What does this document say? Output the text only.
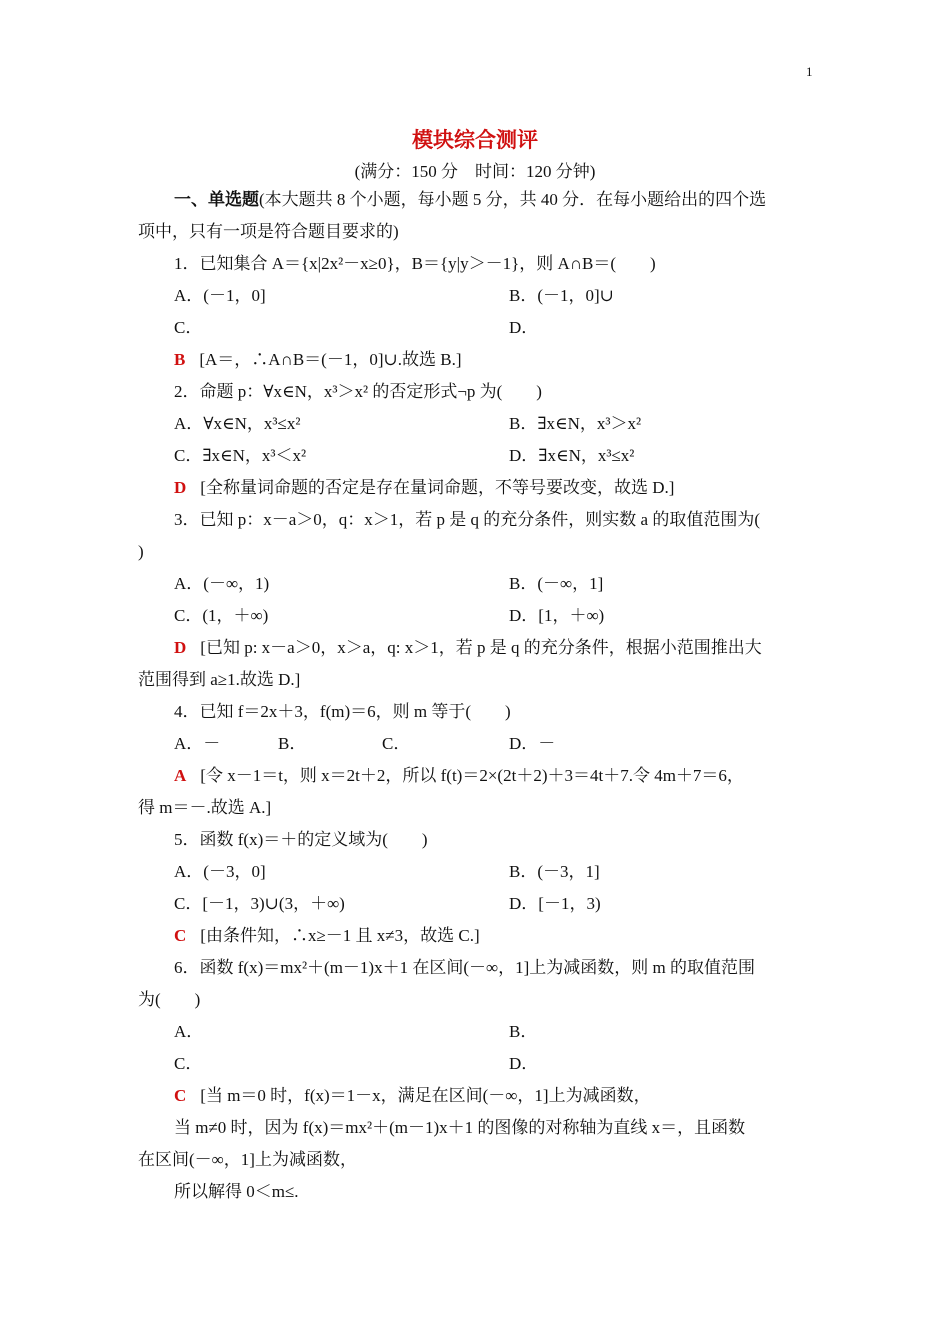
1
模块综合测评
(满分：150 分　时间：120 分钟)
一、单选题(本大题共 8 个小题，每小题 5 分，共 40 分．在每小题给出的四个选
项中，只有一项是符合题目要求的)
1．已知集合 A＝{x|2x²－x≥0}，B＝{y|y＞－1}，则 A∩B＝(　　)
A．(－1，0]	B．(－1，0]∪
C．	D．
B [A＝，∴A∩B＝(－1，0]∪.故选 B.]
2．命题 p：∀x∈N，x³＞x² 的否定形式¬p 为(　　)
A．∀x∈N，x³≤x²	B．∃x∈N，x³＞x²
C．∃x∈N，x³＜x²	D．∃x∈N，x³≤x²
D [全称量词命题的否定是存在量词命题，不等号要改变，故选 D.]
3．已知 p：x－a＞0，q：x＞1，若 p 是 q 的充分条件，则实数 a 的取值范围为(
)
A．(－∞，1)	B．(－∞，1]
C．(1，＋∞)	D．[1，＋∞)
D [已知 p: x－a＞0，x＞a，q: x＞1，若 p 是 q 的充分条件，根据小范围推出大
范围得到 a≥1.故选 D.]
4．已知 f＝2x＋3，f(m)＝6，则 m 等于(　　)
A．－	B．	C．	D．－
A [令 x－1＝t，则 x＝2t＋2，所以 f(t)＝2×(2t＋2)＋3＝4t＋7.令 4m＋7＝6，
得 m＝－.故选 A.]
5．函数 f(x)＝＋的定义域为(　　)
A．(－3，0]	B．(－3，1]
C．[－1，3)∪(3，＋∞)	D．[－1，3)
C [由条件知，∴x≥－1 且 x≠3，故选 C.]
6．函数 f(x)＝mx²＋(m－1)x＋1 在区间(－∞，1]上为减函数，则 m 的取值范围
为(　　)
A．	B．
C．	D．
C [当 m＝0 时，f(x)＝1－x，满足在区间(－∞，1]上为减函数，
当 m≠0 时，因为 f(x)＝mx²＋(m－1)x＋1 的图像的对称轴为直线 x＝，且函数
在区间(－∞，1]上为减函数，
所以解得 0＜m≤.
